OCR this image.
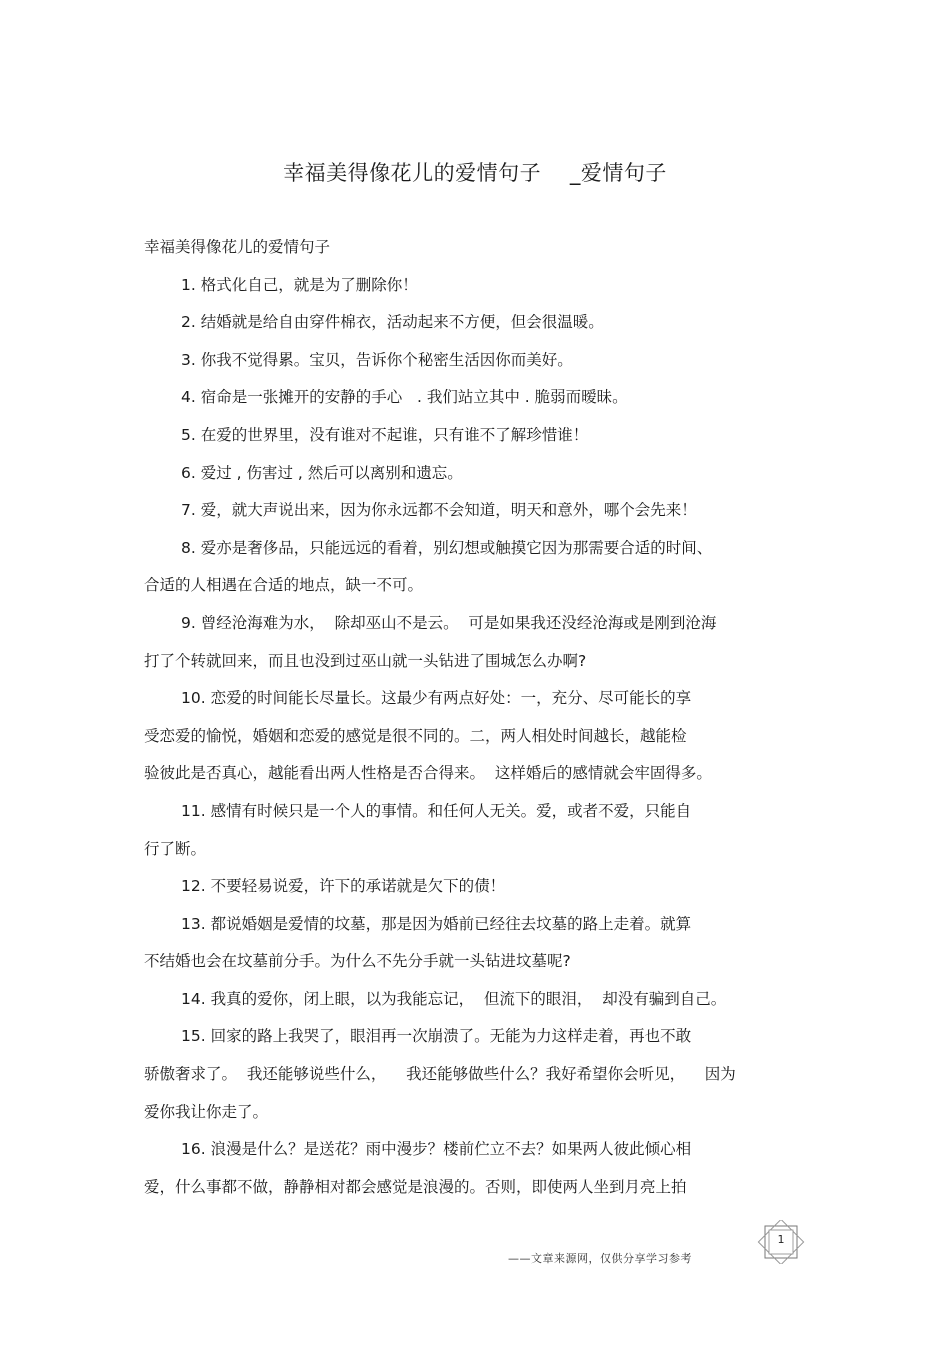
幸福美得像花儿的爱情句子    _爱情句子

幸福美得像花儿的爱情句子

1. 格式化自己，就是为了删除你！

2. 结婚就是给自由穿件棉衣，活动起来不方便，但会很温暖。

3. 你我不觉得累。宝贝，告诉你个秘密生活因你而美好。

4. 宿命是一张摊开的安静的手心   . 我们站立其中 . 脆弱而暧昧。

5. 在爱的世界里，没有谁对不起谁，只有谁不了解珍惜谁！

6. 爱过 , 伤害过 , 然后可以离别和遗忘。

7. 爱，就大声说出来，因为你永远都不会知道，明天和意外，哪个会先来！

8. 爱亦是奢侈品，只能远远的看着，别幻想或触摸它因为那需要合适的时间、
合适的人相遇在合适的地点，缺一不可。

9. 曾经沧海难为水，  除却巫山不是云。  可是如果我还没经沧海或是刚到沧海
打了个转就回来，而且也没到过巫山就一头钻进了围城怎么办啊?

10. 恋爱的时间能长尽量长。这最少有两点好处：一，充分、尽可能长的享
受恋爱的愉悦，婚姻和恋爱的感觉是很不同的。二，两人相处时间越长，越能检
验彼此是否真心，越能看出两人性格是否合得来。  这样婚后的感情就会牢固得多。

11. 感情有时候只是一个人的事情。和任何人无关。爱，或者不爱，只能自
行了断。

12. 不要轻易说爱，许下的承诺就是欠下的债！

13. 都说婚姻是爱情的坟墓，那是因为婚前已经往去坟墓的路上走着。就算
不结婚也会在坟墓前分手。为什么不先分手就一头钻进坟墓呢?

14. 我真的爱你，闭上眼，以为我能忘记，  但流下的眼泪，  却没有骗到自己。

15. 回家的路上我哭了，眼泪再一次崩溃了。无能为力这样走着，再也不敢
骄傲奢求了。  我还能够说些什么，    我还能够做些什么？我好希望你会听见，    因为
爱你我让你走了。

16. 浪漫是什么？是送花？雨中漫步？楼前伫立不去？如果两人彼此倾心相
爱，什么事都不做，静静相对都会感觉是浪漫的。否则，即使两人坐到月亮上拍

——文章来源网，仅供分享学习参考
1
